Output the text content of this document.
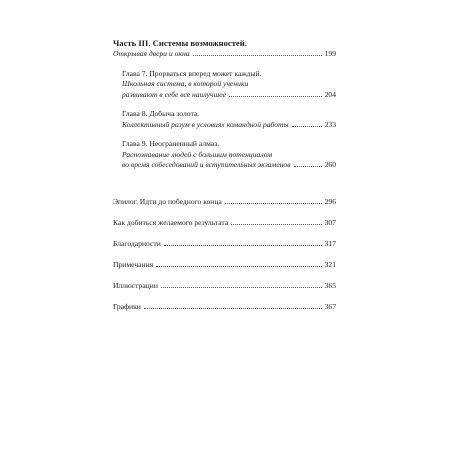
Часть III. Системы возможностей.
Открывая двери и окна	199
Глава 7. Прорваться вперед может каждый.
Школьная система, в которой ученики
развивают в себе все наилучшее	204
Глава 8. Добыча золота.
Коллективный разум в условиях командной работы	233
Глава 9. Неограненный алмаз.
Распознавание людей с большим потенциалом
во время собеседований и вступительных экзаменов	260
Эпилог. Идти до победного конца	296
Как добиться желаемого результата	307
Благодарности	317
Примечания	321
Иллюстрации	365
Графики	367
